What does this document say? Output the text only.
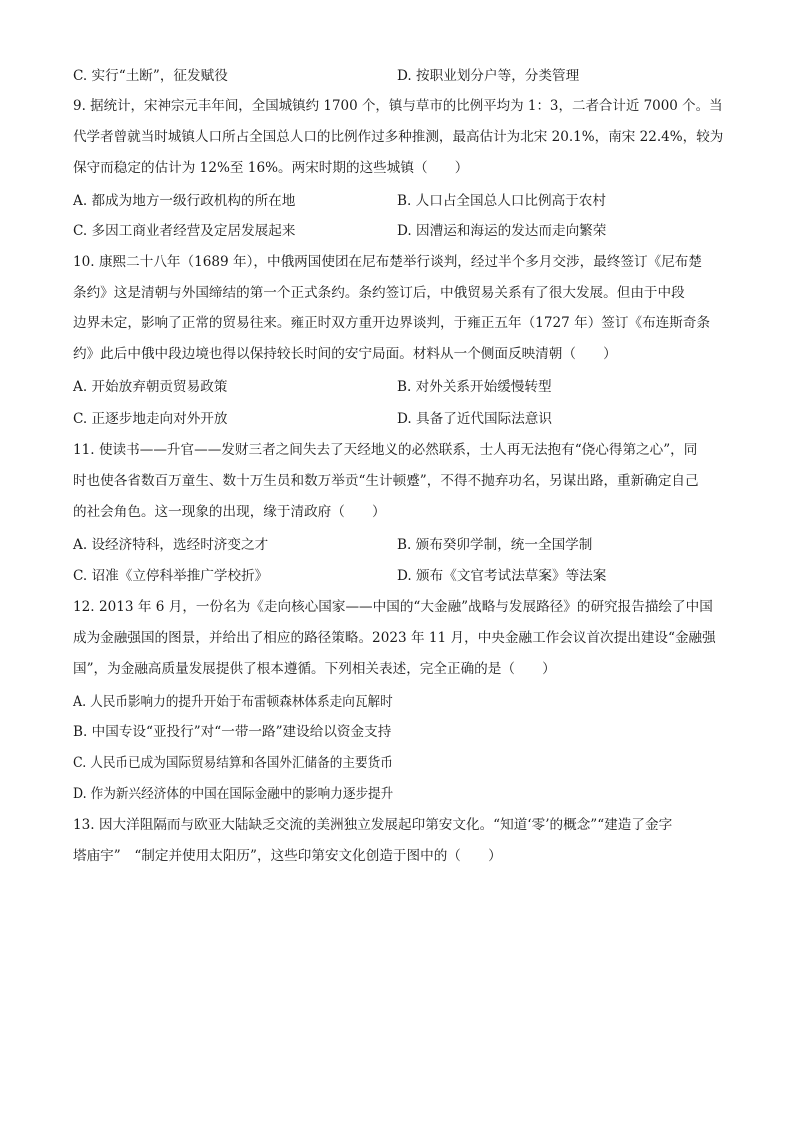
C. 实行“土断”，征发赋役	D. 按职业划分户等，分类管理
9. 据统计，宋神宗元丰年间，全国城镇约 1700 个，镇与草市的比例平均为 1：3，二者合计近 7000 个。当
代学者曾就当时城镇人口所占全国总人口的比例作过多种推测，最高估计为北宋 20.1%，南宋 22.4%，较为
保守而稳定的估计为 12%至 16%。两宋时期的这些城镇（　　）
A. 都成为地方一级行政机构的所在地	B. 人口占全国总人口比例高于农村
C. 多因工商业者经营及定居发展起来	D. 因漕运和海运的发达而走向繁荣
10. 康熙二十八年（1689 年），中俄两国使团在尼布楚举行谈判，经过半个多月交涉，最终签订《尼布楚
条约》这是清朝与外国缔结的第一个正式条约。条约签订后，中俄贸易关系有了很大发展。但由于中段
边界未定，影响了正常的贸易往来。雍正时双方重开边界谈判，于雍正五年（1727 年）签订《布连斯奇条
约》此后中俄中段边境也得以保持较长时间的安宁局面。材料从一个侧面反映清朝（　　）
A. 开始放弃朝贡贸易政策	B. 对外关系开始缓慢转型
C. 正逐步地走向对外开放	D. 具备了近代国际法意识
11. 使读书——升官——发财三者之间失去了天经地义的必然联系，士人再无法抱有“侥心得第之心”，同
时也使各省数百万童生、数十万生员和数万举贡“生计顿蹙”，不得不抛弃功名，另谋出路，重新确定自己
的社会角色。这一现象的出现，缘于清政府（　　）
A. 设经济特科，选经时济变之才	B. 颁布癸卯学制，统一全国学制
C. 诏准《立停科举推广学校折》	D. 颁布《文官考试法草案》等法案
12. 2013 年 6 月，一份名为《走向核心国家——中国的“大金融”战略与发展路径》的研究报告描绘了中国
成为金融强国的图景，并给出了相应的路径策略。2023 年 11 月，中央金融工作会议首次提出建设“金融强
国”，为金融高质量发展提供了根本遵循。下列相关表述，完全正确的是（　　）
A. 人民币影响力的提升开始于布雷顿森林体系走向瓦解时
B. 中国专设“亚投行”对“一带一路”建设给以资金支持
C. 人民币已成为国际贸易结算和各国外汇储备的主要货币
D. 作为新兴经济体的中国在国际金融中的影响力逐步提升
13. 因大洋阻隔而与欧亚大陆缺乏交流的美洲独立发展起印第安文化。“知道‘零’的概念”“建造了金字
塔庙宇”　“制定并使用太阳历”，这些印第安文化创造于图中的（　　）
